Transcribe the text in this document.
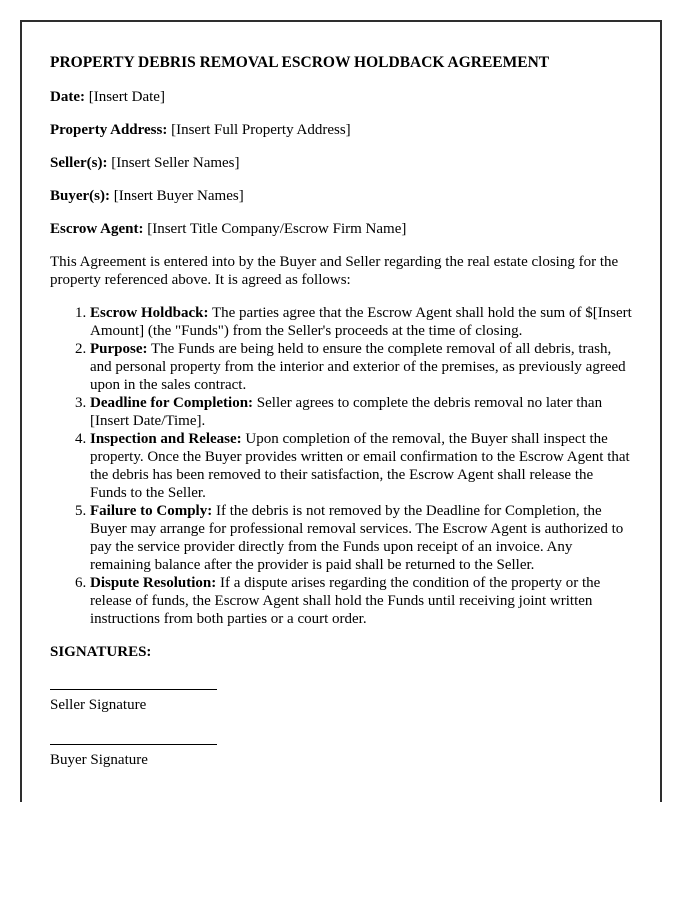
PROPERTY DEBRIS REMOVAL ESCROW HOLDBACK AGREEMENT

Date: [Insert Date]

Property Address: [Insert Full Property Address]

Seller(s): [Insert Seller Names]

Buyer(s): [Insert Buyer Names]

Escrow Agent: [Insert Title Company/Escrow Firm Name]

This Agreement is entered into by the Buyer and Seller regarding the real estate closing for the property referenced above. It is agreed as follows:

1. Escrow Holdback: The parties agree that the Escrow Agent shall hold the sum of $[Insert Amount] (the "Funds") from the Seller's proceeds at the time of closing.
2. Purpose: The Funds are being held to ensure the complete removal of all debris, trash, and personal property from the interior and exterior of the premises, as previously agreed upon in the sales contract.
3. Deadline for Completion: Seller agrees to complete the debris removal no later than [Insert Date/Time].
4. Inspection and Release: Upon completion of the removal, the Buyer shall inspect the property. Once the Buyer provides written or email confirmation to the Escrow Agent that the debris has been removed to their satisfaction, the Escrow Agent shall release the Funds to the Seller.
5. Failure to Comply: If the debris is not removed by the Deadline for Completion, the Buyer may arrange for professional removal services. The Escrow Agent is authorized to pay the service provider directly from the Funds upon receipt of an invoice. Any remaining balance after the provider is paid shall be returned to the Seller.
6. Dispute Resolution: If a dispute arises regarding the condition of the property or the release of funds, the Escrow Agent shall hold the Funds until receiving joint written instructions from both parties or a court order.

SIGNATURES:

Seller Signature

Buyer Signature
